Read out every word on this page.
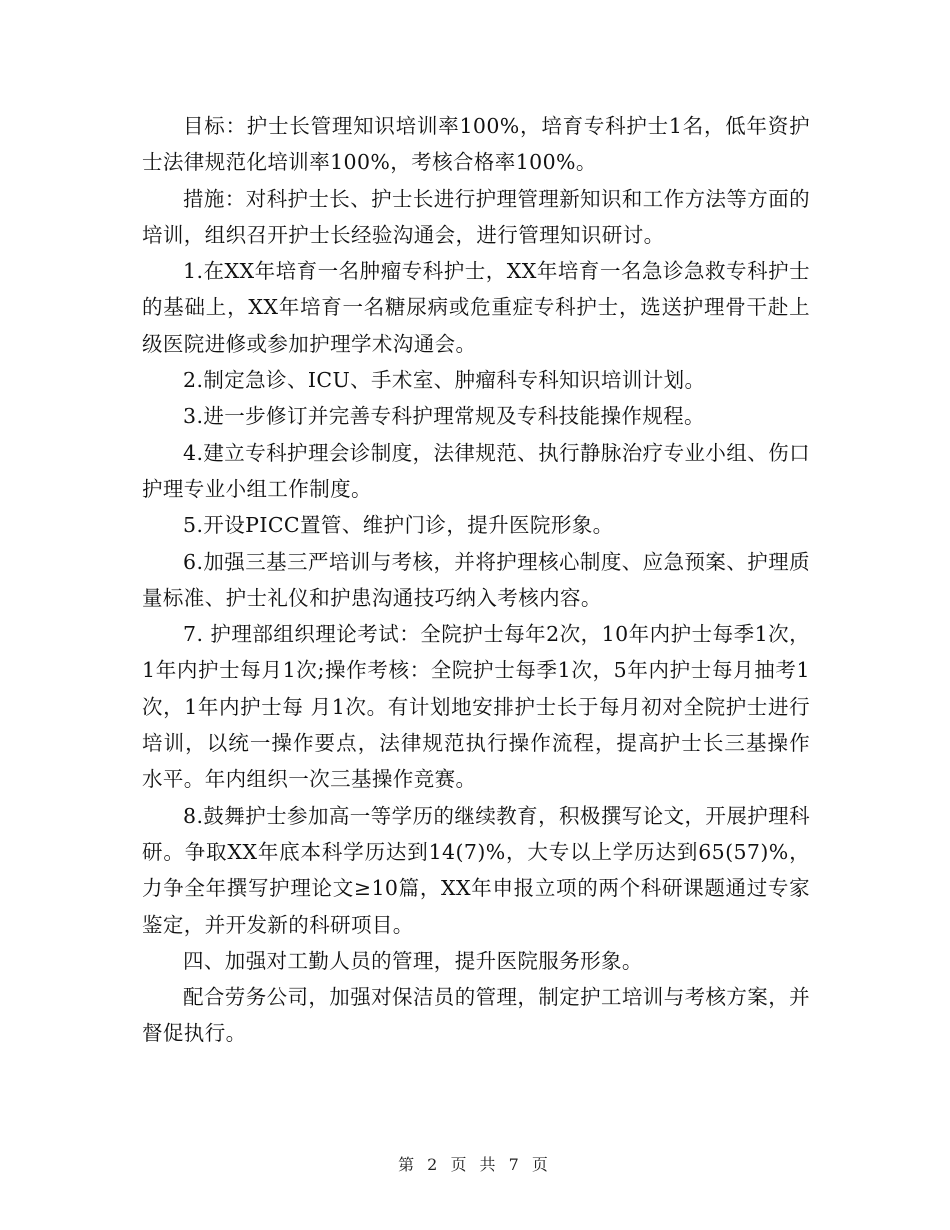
目标：护士长管理知识培训率100%，培育专科护士1名，低年资护士法律规范化培训率100%，考核合格率100%。

措施：对科护士长、护士长进行护理管理新知识和工作方法等方面的培训，组织召开护士长经验沟通会，进行管理知识研讨。

1.在XX年培育一名肿瘤专科护士，XX年培育一名急诊急救专科护士的基础上，XX年培育一名糖尿病或危重症专科护士，选送护理骨干赴上级医院进修或参加护理学术沟通会。

2.制定急诊、ICU、手术室、肿瘤科专科知识培训计划。

3.进一步修订并完善专科护理常规及专科技能操作规程。

4.建立专科护理会诊制度，法律规范、执行静脉治疗专业小组、伤口护理专业小组工作制度。

5.开设PICC置管、维护门诊，提升医院形象。

6.加强三基三严培训与考核，并将护理核心制度、应急预案、护理质量标准、护士礼仪和护患沟通技巧纳入考核内容。

7. 护理部组织理论考试：全院护士每年2次，10年内护士每季1次，1年内护士每月1次;操作考核：全院护士每季1次，5年内护士每月抽考1次，1年内护士每 月1次。有计划地安排护士长于每月初对全院护士进行培训，以统一操作要点，法律规范执行操作流程，提高护士长三基操作水平。年内组织一次三基操作竞赛。

8.鼓舞护士参加高一等学历的继续教育，积极撰写论文，开展护理科研。争取XX年底本科学历达到14(7)%，大专以上学历达到65(57)%，力争全年撰写护理论文≥10篇，XX年申报立项的两个科研课题通过专家鉴定，并开发新的科研项目。

四、加强对工勤人员的管理，提升医院服务形象。

配合劳务公司，加强对保洁员的管理，制定护工培训与考核方案，并督促执行。

第 2 页 共 7 页
